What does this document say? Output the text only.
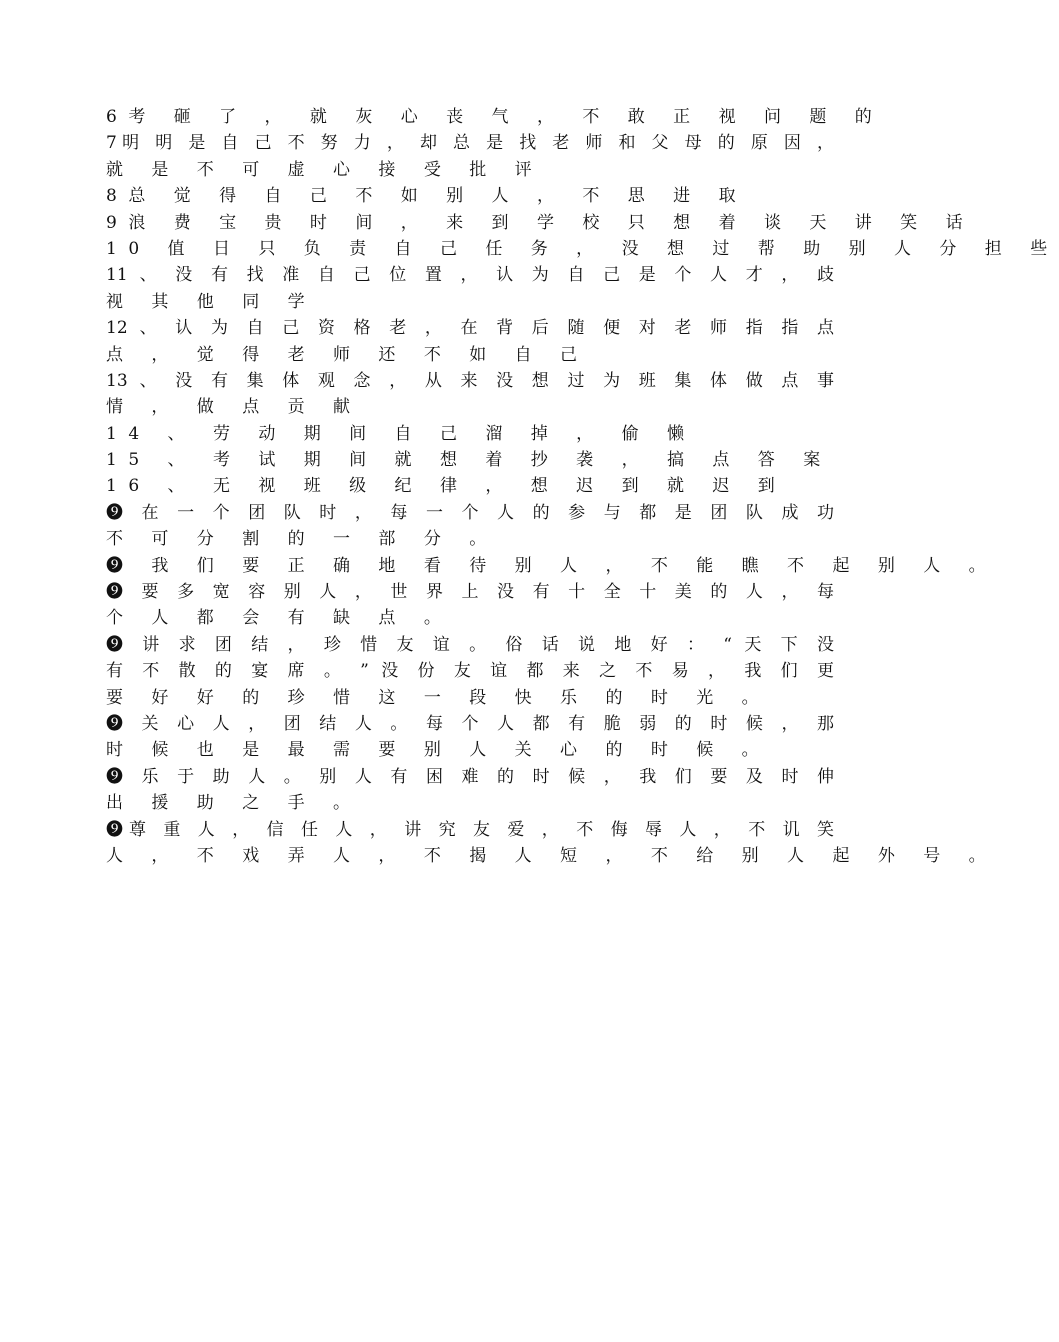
6考 砸 了 ， 就 灰 心 丧 气 ， 不 敢 正 视 问 题 的

7明 明 是 自 己 不 努 力 ， 却 总 是 找 老 师 和 父 母 的 原 因 ，

就 是 不 可 虚 心 接 受 批 评

8总 觉 得 自 己 不 如 别 人 ， 不 思 进 取

9浪 费 宝 贵 时 间 ， 来 到 学 校 只 想 着 谈 天 讲 笑 话

10 值 日 只 负 责 自 己 任 务 ， 没 想 过 帮 助 别 人 分 担 些

11 、 没 有 找 准 自 己 位 置 ， 认 为 自 己 是 个 人 才 ， 歧

视 其 他 同 学

12 、 认 为 自 己 资 格 老 ， 在 背 后 随 便 对 老 师 指 指 点

点 ， 觉 得 老 师 还 不 如 自 己

13 、 没 有 集 体 观 念 ， 从 来 没 想 过 为 班 集 体 做 点 事

情 ， 做 点 贡 献

14 、 劳 动 期 间 自 己 溜 掉 ， 偷 懒

15 、 考 试 期 间 就 想 着 抄 袭 ， 搞 点 答 案

16 、 无 视 班 级 纪 律 ， 想 迟 到 就 迟 到

❾ 在 一 个 团 队 时 ， 每 一 个 人 的 参 与 都 是 团 队 成 功

不 可 分 割 的 一 部 分 。

❾ 我 们 要 正 确 地 看 待 别 人 ， 不 能 瞧 不 起 别 人 。

❾ 要 多 宽 容 别 人 ， 世 界 上 没 有 十 全 十 美 的 人 ， 每

个 人 都 会 有 缺 点 。

❾ 讲 求 团 结 ， 珍 惜 友 谊 。 俗 话 说 地 好 ： “ 天 下 没

有 不 散 的 宴 席 。 ” 没 份 友 谊 都 来 之 不 易 ， 我 们 更

要 好 好 的 珍 惜 这 一 段 快 乐 的 时 光 。

❾ 关 心 人 ， 团 结 人 。 每 个 人 都 有 脆 弱 的 时 候 ， 那

时 候 也 是 最 需 要 别 人 关 心 的 时 候 。

❾ 乐 于 助 人 。 别 人 有 困 难 的 时 候 ， 我 们 要 及 时 伸

出 援 助 之 手 。

❾尊 重 人 ， 信 任 人 ， 讲 究 友 爱 ， 不 侮 辱 人 ， 不 讥 笑

人 ， 不 戏 弄 人 ， 不 揭 人 短 ， 不 给 别 人 起 外 号 。
